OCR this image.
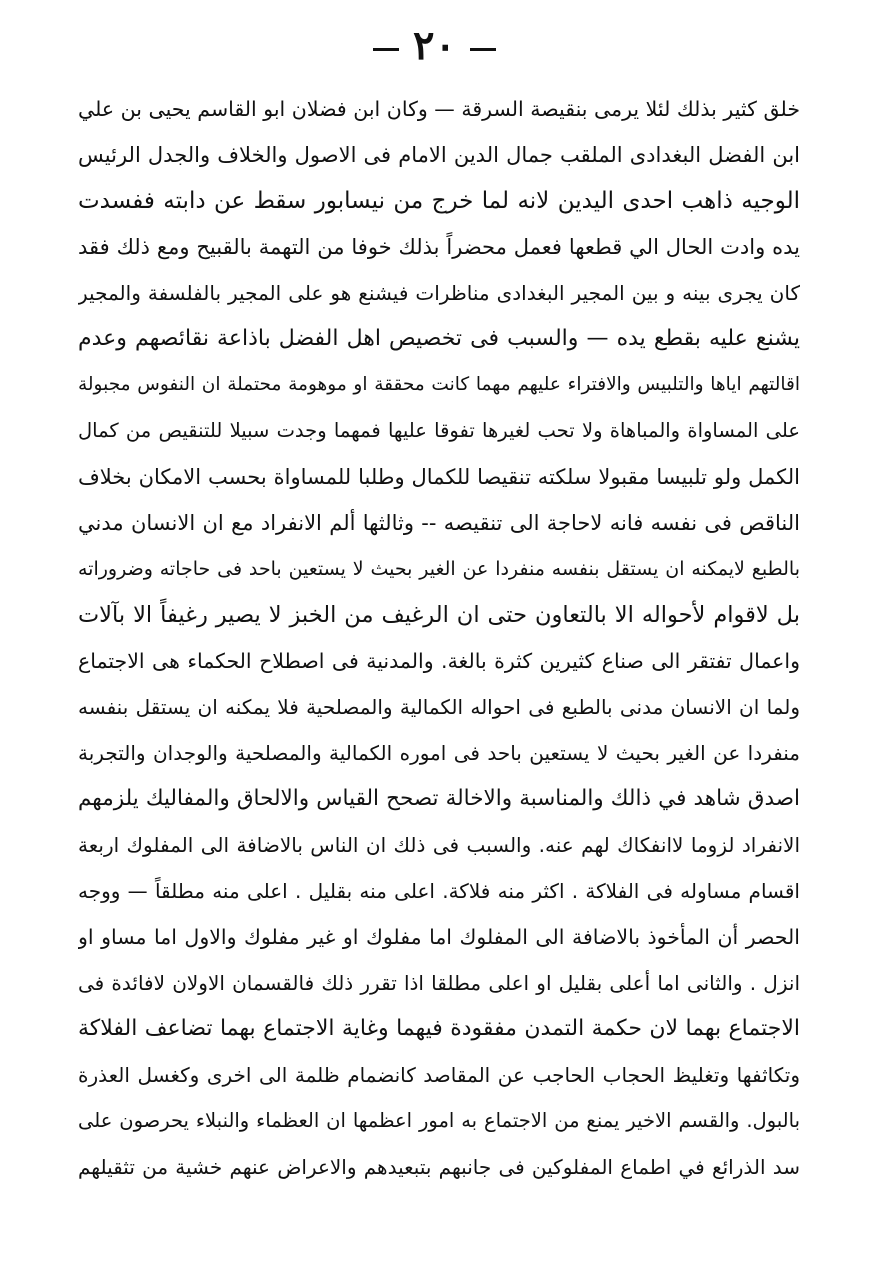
٢٠
خلق كثير بذلك لئلا يرمى بنقيصة السرقة — وكان ابن فضلان ابو القاسم يحيى بن علي
ابن الفضل البغدادى الملقب جمال الدين الامام فى الاصول والخلاف والجدل الرئيس
الوجيه ذاهب احدى اليدين لانه لما خرج من نيسابور سقط عن دابته ففسدت
يده وادت الحال الي قطعها فعمل محضراً بذلك خوفا من التهمة بالقبيح ومع ذلك فقد
كان يجرى بينه و بين المجير البغدادى مناظرات فيشنع هو على المجير بالفلسفة والمجير
يشنع عليه بقطع يده — والسبب فى تخصيص اهل الفضل باذاعة نقائصهم وعدم
اقالتهم اياها والتلبيس والافتراء عليهم مهما كانت محققة او موهومة محتملة ان النفوس مجبولة
على المساواة والمباهاة ولا تحب لغيرها تفوقا عليها فمهما وجدت سبيلا للتنقيص من كمال
الكمل ولو تلبيسا مقبولا سلكته تنقيصا للكمال وطلبا للمساواة بحسب الامكان بخلاف
الناقص فى نفسه فانه لاحاجة الى تنقيصه -- وثالثها ألم الانفراد مع ان الانسان مدني
بالطبع لايمكنه ان يستقل بنفسه منفردا عن الغير بحيث لا يستعين باحد فى حاجاته وضروراته
بل لاقوام لأحواله الا بالتعاون حتى ان الرغيف من الخبز لا يصير رغيفاً الا بآلات
واعمال تفتقر الى صناع كثيرين كثرة بالغة. والمدنية فى اصطلاح الحكماء هى الاجتماع
ولما ان الانسان مدنى بالطبع فى احواله الكمالية والمصلحية فلا يمكنه ان يستقل بنفسه
منفردا عن الغير بحيث لا يستعين باحد فى اموره الكمالية والمصلحية والوجدان والتجربة
اصدق شاهد في ذالك والمناسبة والاخالة تصحح القياس والالحاق والمفاليك يلزمهم
الانفراد لزوما لاانفكاك لهم عنه. والسبب فى ذلك ان الناس بالاضافة الى المفلوك اربعة
اقسام مساوله فى الفلاكة . اكثر منه فلاكة. اعلى منه بقليل . اعلى منه مطلقاً — ووجه
الحصر أن المأخوذ بالاضافة الى المفلوك اما مفلوك او غير مفلوك والاول اما مساو او
انزل . والثانى اما أعلى بقليل او اعلى مطلقا اذا تقرر ذلك فالقسمان الاولان لافائدة فى
الاجتماع بهما لان حكمة التمدن مفقودة فيهما وغاية الاجتماع بهما تضاعف الفلاكة
وتكاثفها وتغليظ الحجاب الحاجب عن المقاصد كانضمام ظلمة الى اخرى وكغسل العذرة
بالبول. والقسم الاخير يمنع من الاجتماع به امور اعظمها ان العظماء والنبلاء يحرصون على
سد الذرائع في اطماع المفلوكين فى جانبهم بتبعيدهم والاعراض عنهم خشية من تثقيلهم
